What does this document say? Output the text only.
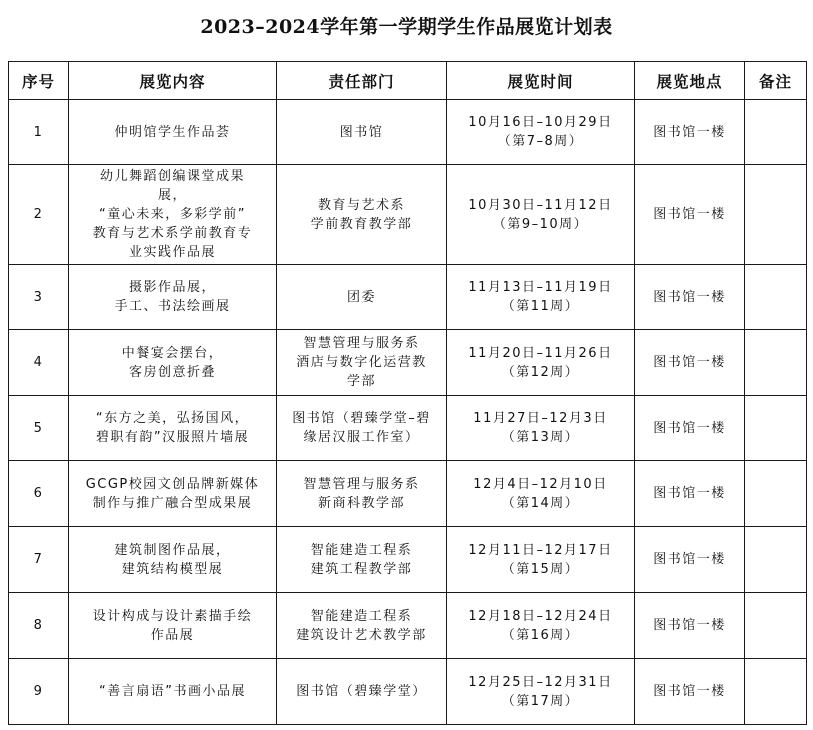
2023–2024学年第一学期学生作品展览计划表
序号	展览内容	责任部门	展览时间	展览地点	备注
1	仲明馆学生作品荟	图书馆	10月16日–10月29日
（第7–8周）	图书馆一楼	
2	幼儿舞蹈创编课堂成果
展，
“童心未来，多彩学前”
教育与艺术系学前教育专
业实践作品展	教育与艺术系
学前教育教学部	10月30日–11月12日
（第9–10周）	图书馆一楼	
3	摄影作品展，
手工、书法绘画展	团委	11月13日–11月19日
（第11周）	图书馆一楼	
4	中餐宴会摆台，
客房创意折叠	智慧管理与服务系
酒店与数字化运营教
学部	11月20日–11月26日
（第12周）	图书馆一楼	
5	“东方之美，弘扬国风，
碧职有韵”汉服照片墙展	图书馆（碧臻学堂–碧
缘居汉服工作室）	11月27日–12月3日
（第13周）	图书馆一楼	
6	GCGP校园文创品牌新媒体
制作与推广融合型成果展	智慧管理与服务系
新商科教学部	12月4日–12月10日
（第14周）	图书馆一楼	
7	建筑制图作品展，
建筑结构模型展	智能建造工程系
建筑工程教学部	12月11日–12月17日
（第15周）	图书馆一楼	
8	设计构成与设计素描手绘
作品展	智能建造工程系
建筑设计艺术教学部	12月18日–12月24日
（第16周）	图书馆一楼	
9	“善言扇语”书画小品展	图书馆（碧臻学堂）	12月25日–12月31日
（第17周）	图书馆一楼	
